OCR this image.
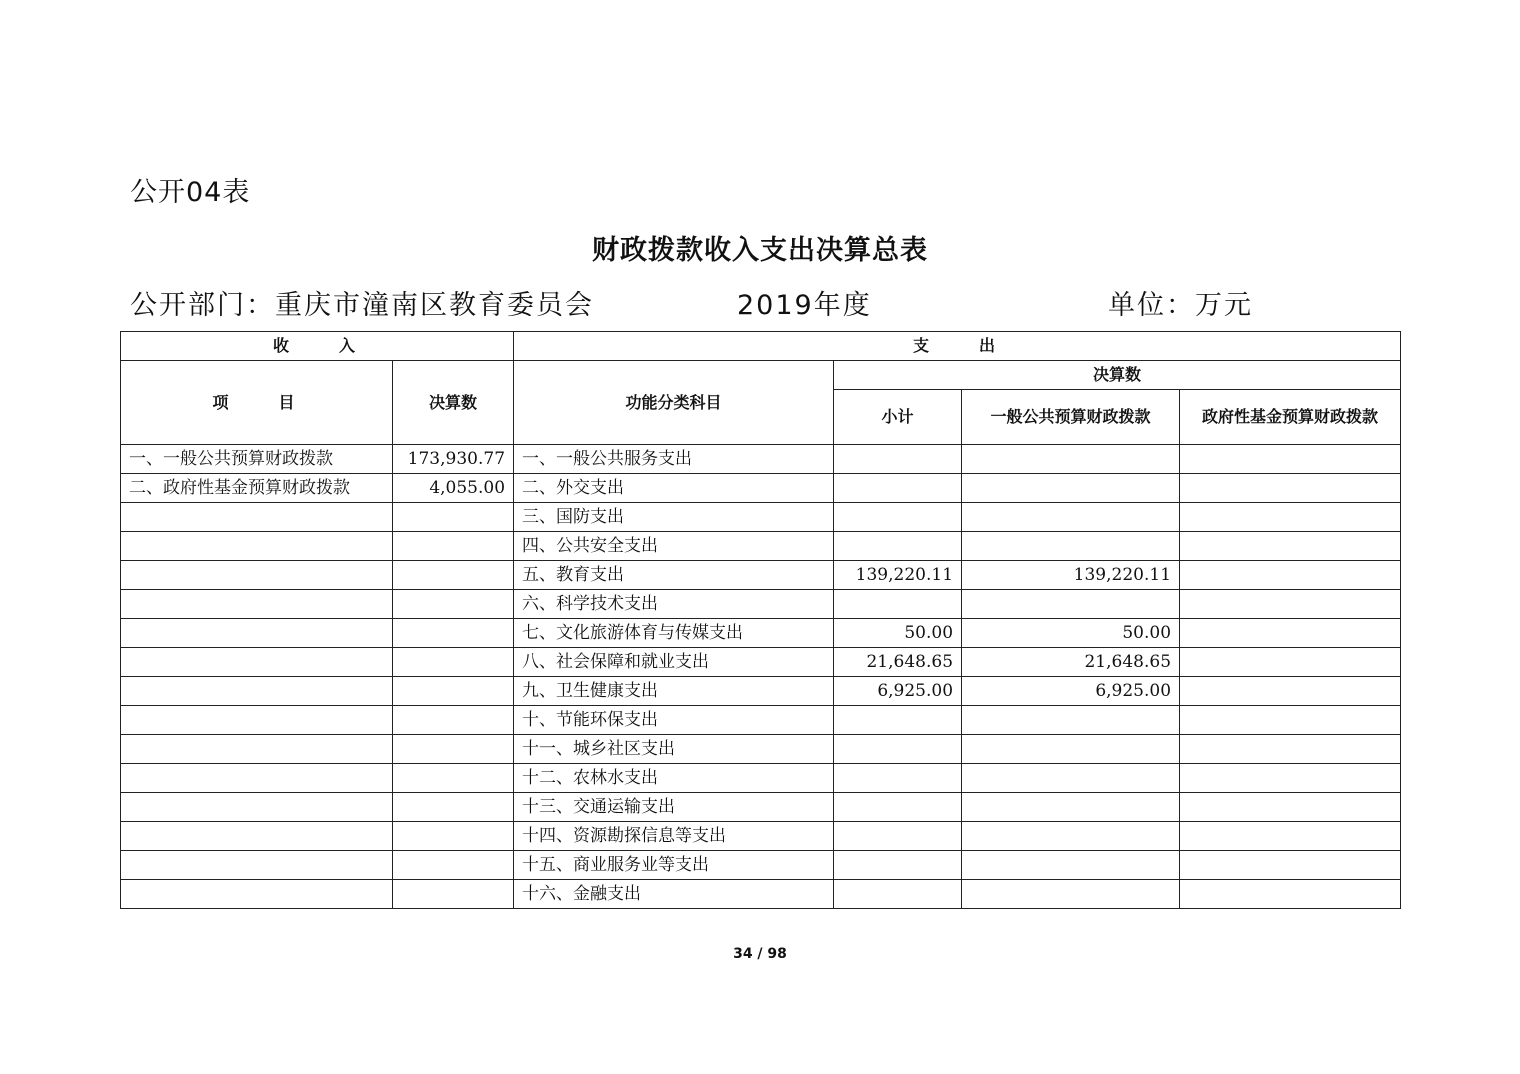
公开04表
财政拨款收入支出决算总表
公开部门：重庆市潼南区教育委员会	2019年度	单位：万元
收　　入		支　　出			
项　　目	决算数	功能分类科目	决算数		
			小计	一般公共预算财政拨款	政府性基金预算财政拨款
一、一般公共预算财政拨款	173,930.77	一、一般公共服务支出			
二、政府性基金预算财政拨款	4,055.00	二、外交支出			
		三、国防支出			
		四、公共安全支出			
		五、教育支出	139,220.11	139,220.11	
		六、科学技术支出			
		七、文化旅游体育与传媒支出	50.00	50.00	
		八、社会保障和就业支出	21,648.65	21,648.65	
		九、卫生健康支出	6,925.00	6,925.00	
		十、节能环保支出			
		十一、城乡社区支出			
		十二、农林水支出			
		十三、交通运输支出			
		十四、资源勘探信息等支出			
		十五、商业服务业等支出			
		十六、金融支出			
34 / 98
